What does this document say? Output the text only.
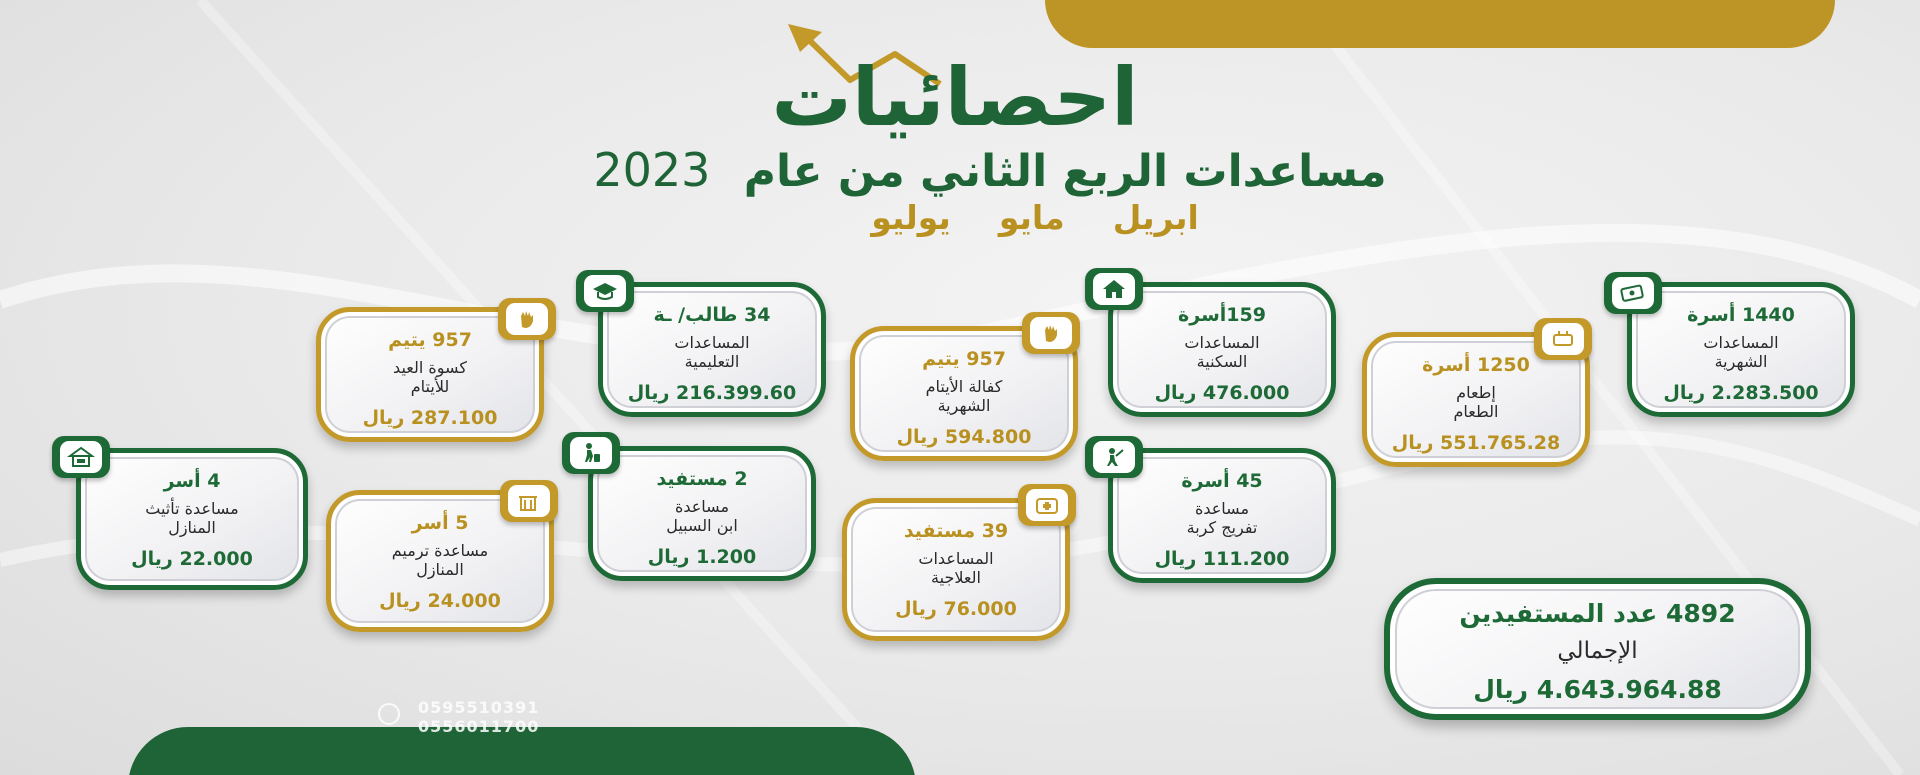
0595510391
0556011700
احصائيات
2023 مساعدات الربع الثاني من عام
ابريل
مايو
يوليو
1440 أسرة
المساعدات
الشهرية
2.283.500 ريال
1250 أسرة
إطعام
الطعام
551.765.28 ريال
159أسرة
المساعدات
السكنية
476.000 ريال
957 يتيم
كفالة الأيتام
الشهرية
594.800 ريال
34 طالب/ ـة
المساعدات
التعليمية
216.399.60 ريال
957 يتيم
كسوة العيد
للأيتام
287.100 ريال
45 أسرة
مساعدة
تفريج كربة
111.200 ريال
39 مستفيد
المساعدات
العلاجية
76.000 ريال
2 مستفيد
مساعدة
ابن السبيل
1.200 ريال
5 أسر
مساعدة ترميم
المنازل
24.000 ريال
4 أسر
مساعدة تأثيث
المنازل
22.000 ريال
4892 عدد المستفيدين
الإجمالي
4.643.964.88 ريال
